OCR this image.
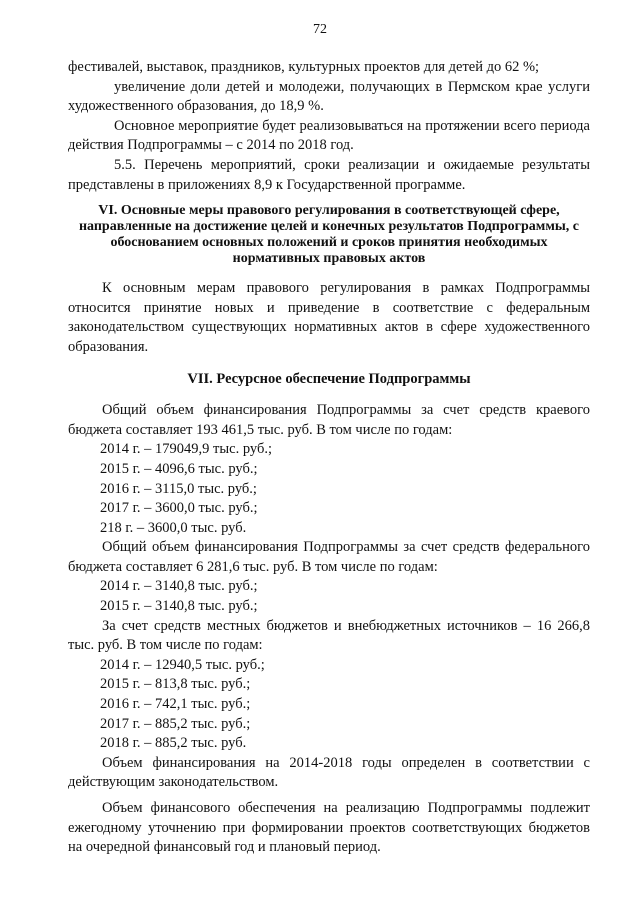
72

фестивалей, выставок, праздников, культурных проектов для детей до 62 %;

увеличение доли детей и молодежи, получающих в Пермском крае услуги художественного образования, до 18,9 %.

Основное мероприятие будет реализовываться на протяжении всего периода действия Подпрограммы – с 2014 по 2018 год.

5.5. Перечень мероприятий, сроки реализации и ожидаемые результаты представлены в приложениях 8,9 к Государственной программе.

VI. Основные меры правового регулирования в соответствующей сфере, направленные на достижение целей и конечных результатов Подпрограммы, с обоснованием основных положений и сроков принятия необходимых нормативных правовых актов

К основным мерам правового регулирования в рамках Подпрограммы относится принятие новых и приведение в соответствие с федеральным законодательством существующих нормативных актов в сфере художественного образования.

VII. Ресурсное обеспечение Подпрограммы

Общий объем финансирования Подпрограммы за счет средств краевого бюджета составляет 193 461,5 тыс. руб. В том числе по годам:

2014 г. – 179049,9 тыс. руб.;

2015 г. – 4096,6 тыс. руб.;

2016 г. – 3115,0 тыс. руб.;

2017 г. – 3600,0 тыс. руб.;

218 г. – 3600,0 тыс. руб.

Общий объем финансирования Подпрограммы за счет средств федерального бюджета составляет 6 281,6 тыс. руб. В том числе по годам:

2014 г. – 3140,8 тыс. руб.;

2015 г. – 3140,8 тыс. руб.;

За счет средств местных бюджетов и внебюджетных источников – 16 266,8 тыс. руб. В том числе по годам:

2014 г. – 12940,5 тыс. руб.;

2015 г. – 813,8 тыс. руб.;

2016 г. – 742,1 тыс. руб.;

2017 г. – 885,2 тыс. руб.;

2018 г. – 885,2 тыс. руб.

Объем финансирования на 2014-2018 годы определен в соответствии с действующим законодательством.

Объем финансового обеспечения на реализацию Подпрограммы подлежит ежегодному уточнению при формировании проектов соответствующих бюджетов на очередной финансовый год и плановый период.
